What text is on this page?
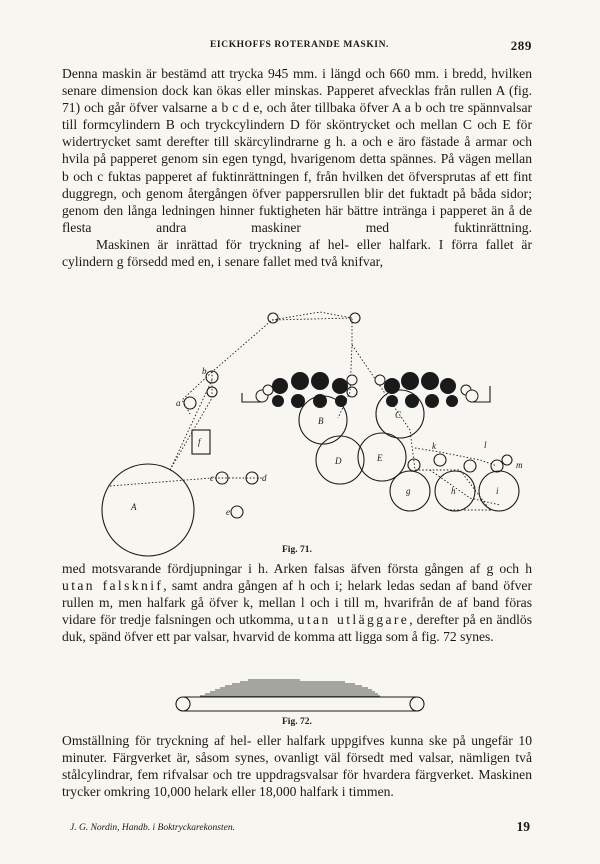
EICKHOFFS ROTERANDE MASKIN.	289

Denna maskin är bestämd att trycka 945 mm. i längd och 660 mm. i bredd, hvilken senare dimension dock kan ökas eller minskas. Papperet afvecklas från rullen A (fig. 71) och går öfver valsarne a b c d e, och åter tillbaka öfver A a b och tre spännvalsar till formcylindern B och tryckcylindern D för sköntrycket och mellan C och E för widertrycket samt derefter till skärcylindrarne g h. a och e äro fästade å armar och hvila på papperet genom sin egen tyngd, hvarigenom detta spännes. På vägen mellan b och c fuktas papperet af fuktinrättningen f, från hvilken det öfversprutas af ett fint duggregn, och genom återgången öfver pappersrullen blir det fuktadt på båda sidor; genom den långa ledningen hinner fuktigheten här bättre intränga i papperet än å de flesta andra maskiner med fuktinrättning.

Maskinen är inrättad för tryckning af hel- eller halfark. I förra fallet är cylindern g försedd med en, i senare fallet med två knifvar,

A
B
C
D	E
a
b
c	d
e
f
g	h	i
k	l
m
Fig. 71.

med motsvarande fördjupningar i h. Arken falsas äfven första gången af g och h utan falsknif, samt andra gången af h och i; helark ledas sedan af band öfver rullen m, men halfark gå öfver k, mellan l och i till m, hvarifrån de af band föras vidare för tredje falsningen och utkomma, utan utläggare, derefter på en ändlös duk, spänd öfver ett par valsar, hvarvid de komma att ligga som å fig. 72 synes.

Fig. 72.

Omställning för tryckning af hel- eller halfark uppgifves kunna ske på ungefär 10 minuter. Färgverket är, såsom synes, ovanligt väl försedt med valsar, nämligen två stålcylindrar, fem rifvalsar och tre uppdragsvalsar för hvardera färgverket. Maskinen trycker omkring 10,000 helark eller 18,000 halfark i timmen.

J. G. Nordin, Handb. i Boktryckarekonsten.	19
